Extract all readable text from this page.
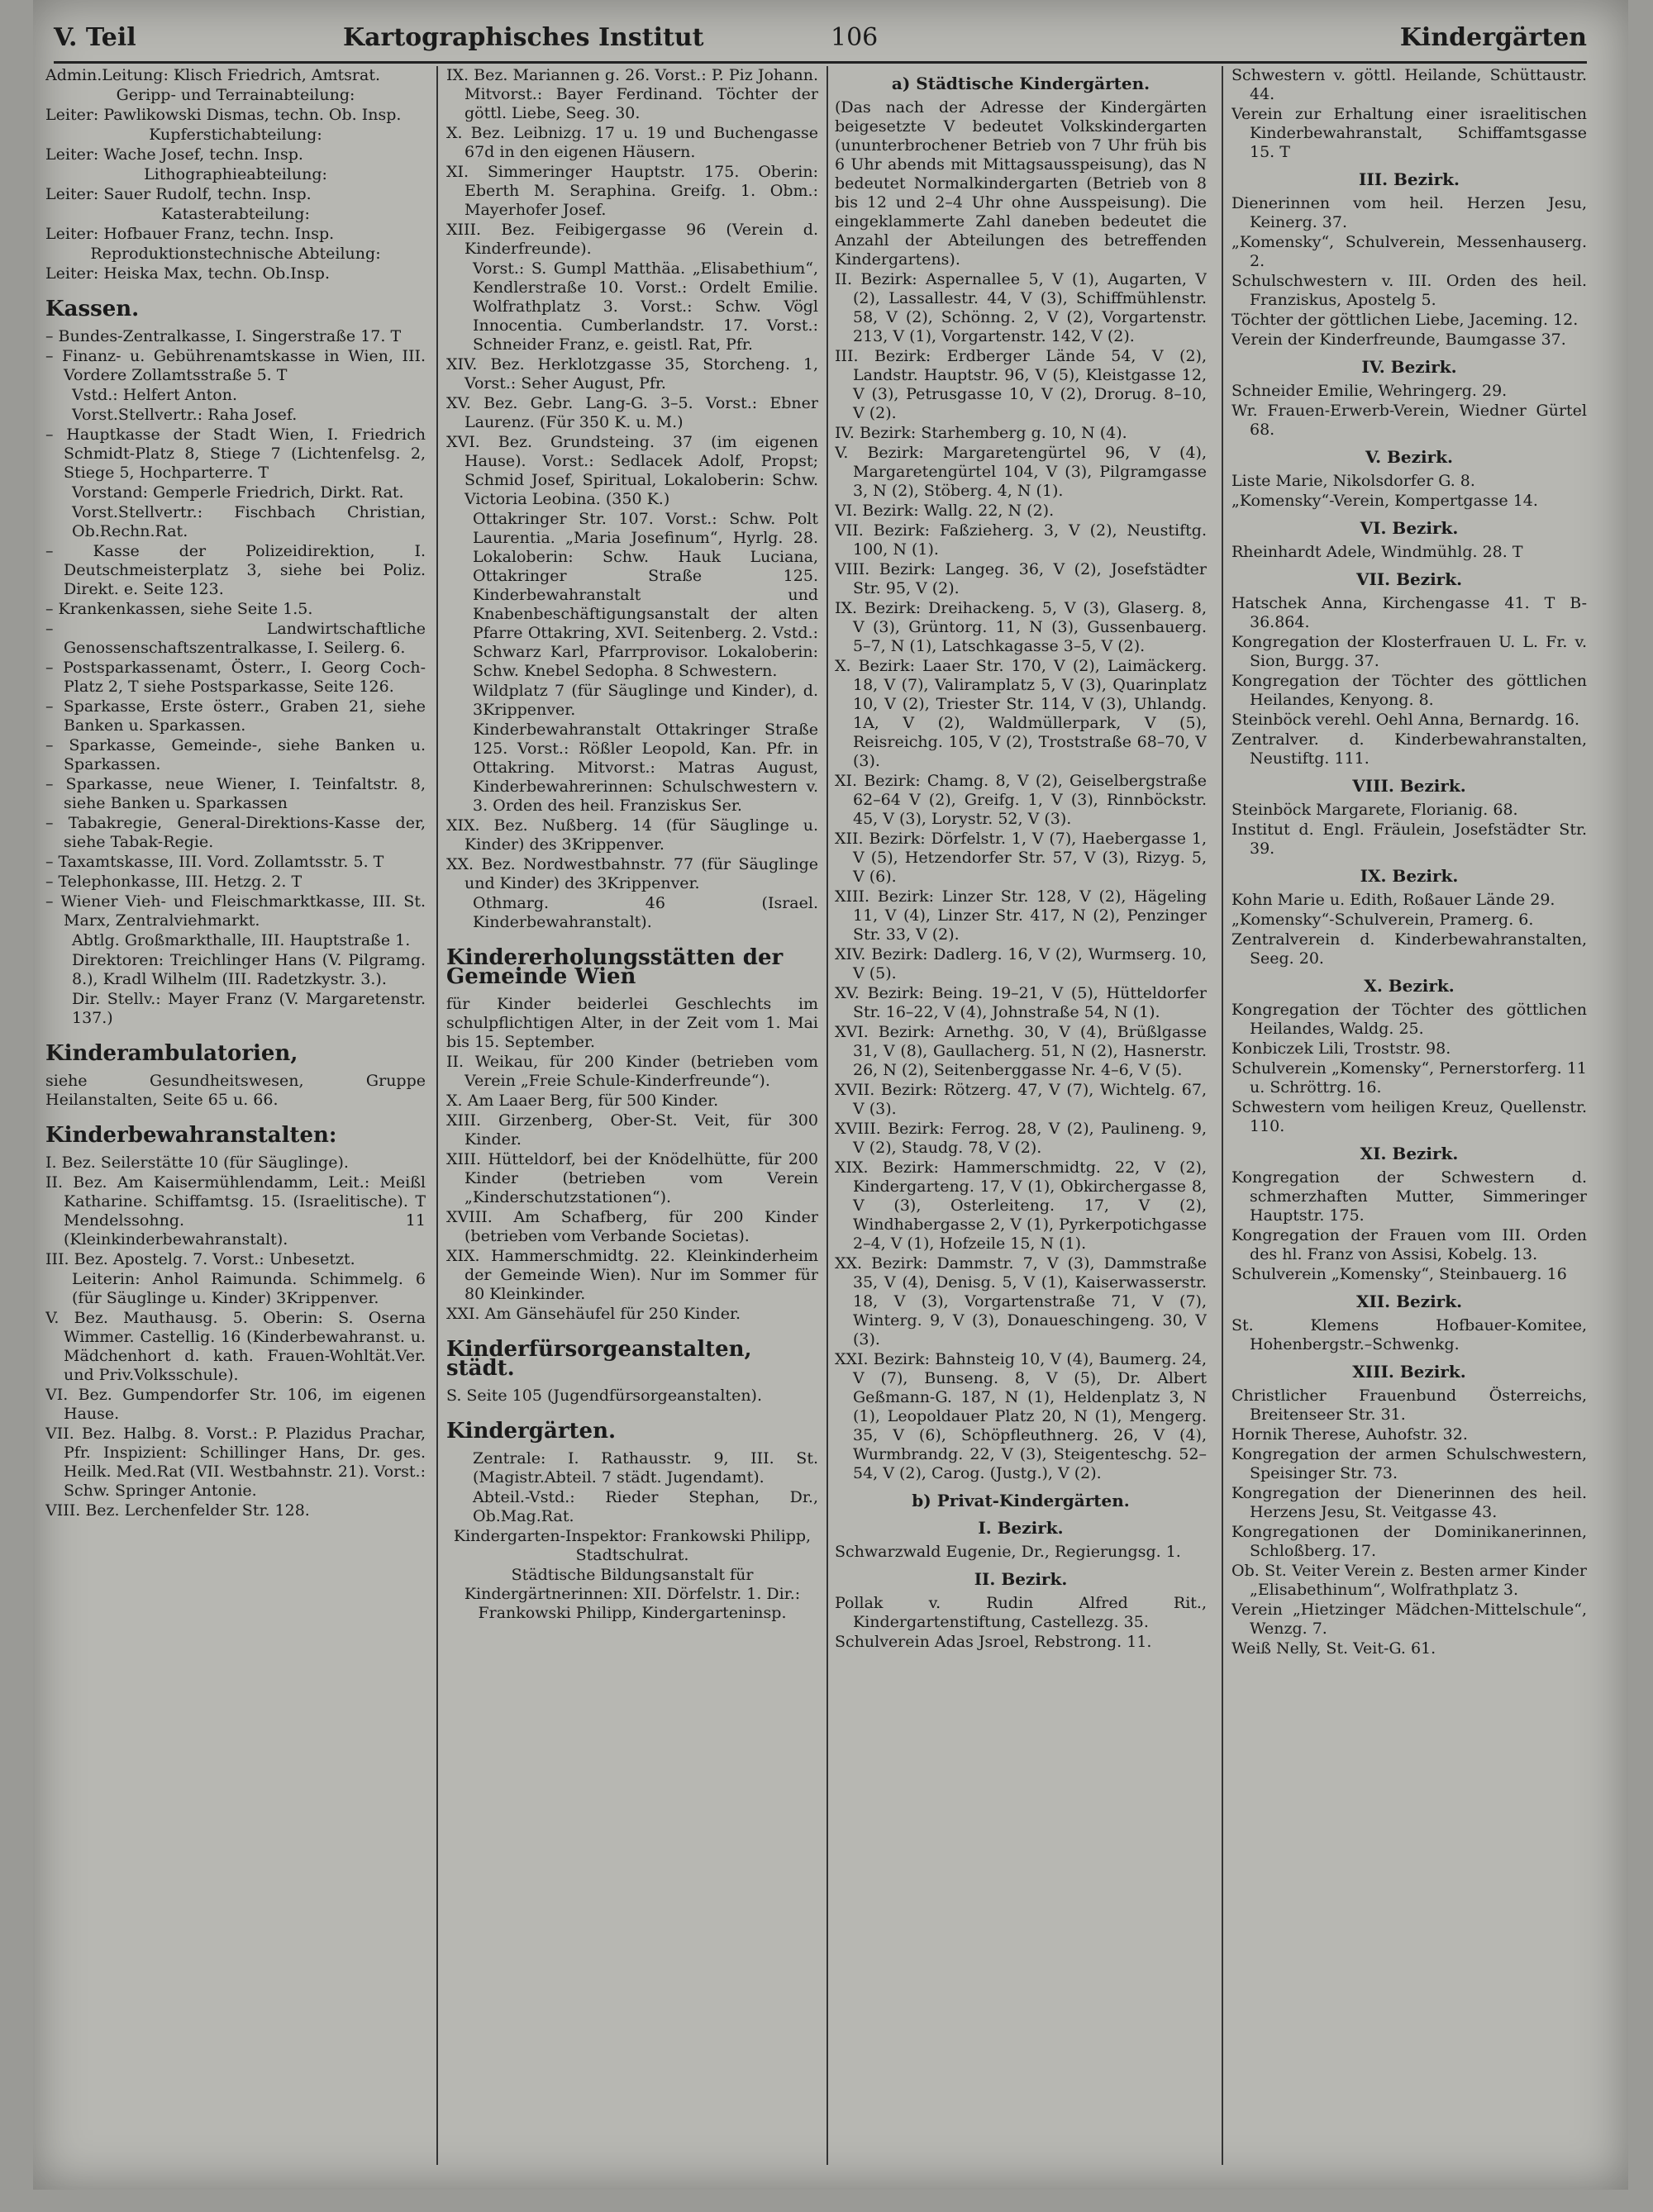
V. Teil	Kartographisches Institut	106	Kindergärten
Admin.Leitung: Klisch Friedrich, Amtsrat.
Geripp- und Terrainabteilung:
Leiter: Pawlikowski Dismas, techn. Ob. Insp.
Kupferstichabteilung:
Leiter: Wache Josef, techn. Insp.
Lithographieabteilung:
Leiter: Sauer Rudolf, techn. Insp.
Katasterabteilung:
Leiter: Hofbauer Franz, techn. Insp.
Reproduktionstechnische Abteilung:
Leiter: Heiska Max, techn. Ob.Insp.
Kassen.
– Bundes-Zentralkasse, I. Singerstraße 17. T
– Finanz- u. Gebührenamtskasse in Wien, III. Vordere Zollamtsstraße 5. T
Vstd.: Helfert Anton.
Vorst.Stellvertr.: Raha Josef.
– Hauptkasse der Stadt Wien, I. Friedrich Schmidt-Platz 8, Stiege 7 (Lichtenfelsg. 2, Stiege 5, Hochparterre. T
Vorstand: Gemperle Friedrich, Dirkt. Rat.
Vorst.Stellvertr.: Fischbach Christian, Ob.Rechn.Rat.
– Kasse der Polizeidirektion, I. Deutschmeisterplatz 3, siehe bei Poliz. Direkt. e. Seite 123.
– Krankenkassen, siehe Seite 1.5.
– Landwirtschaftliche Genossenschaftszentralkasse, I. Seilerg. 6.
– Postsparkassenamt, Österr., I. Georg Coch-Platz 2, T siehe Postsparkasse, Seite 126.
– Sparkasse, Erste österr., Graben 21, siehe Banken u. Sparkassen.
– Sparkasse, Gemeinde-, siehe Banken u. Sparkassen.
– Sparkasse, neue Wiener, I. Teinfaltstr. 8, siehe Banken u. Sparkassen
– Tabakregie, General-Direktions-Kasse der, siehe Tabak-Regie.
– Taxamtskasse, III. Vord. Zollamtsstr. 5. T
– Telephonkasse, III. Hetzg. 2. T
– Wiener Vieh- und Fleischmarktkasse, III. St. Marx, Zentralviehmarkt.
Abtlg. Großmarkthalle, III. Hauptstraße 1.
Direktoren: Treichlinger Hans (V. Pilgramg. 8.), Kradl Wilhelm (III. Radetzkystr. 3.).
Dir. Stellv.: Mayer Franz (V. Margaretenstr. 137.)
Kinderambulatorien,
siehe Gesundheitswesen, Gruppe Heilanstalten, Seite 65 u. 66.
Kinderbewahranstalten:
I. Bez. Seilerstätte 10 (für Säuglinge).
II. Bez. Am Kaisermühlendamm, Leit.: Meißl Katharine. Schiffamtsg. 15. (Israelitische). T Mendelssohng. 11 (Kleinkinderbewahranstalt).
III. Bez. Apostelg. 7. Vorst.: Unbesetzt.
Leiterin: Anhol Raimunda. Schimmelg. 6 (für Säuglinge u. Kinder) 3Krippenver.
V. Bez. Mauthausg. 5. Oberin: S. Oserna Wimmer. Castellig. 16 (Kinderbewahranst. u. Mädchenhort d. kath. Frauen-Wohltät.Ver. und Priv.Volksschule).
VI. Bez. Gumpendorfer Str. 106, im eigenen Hause.
VII. Bez. Halbg. 8. Vorst.: P. Plazidus Prachar, Pfr. Inspizient: Schillinger Hans, Dr. ges. Heilk. Med.Rat (VII. Westbahnstr. 21). Vorst.: Schw. Springer Antonie.
VIII. Bez. Lerchenfelder Str. 128.
IX. Bez. Mariannen g. 26. Vorst.: P. Piz Johann. Mitvorst.: Bayer Ferdinand. Töchter der göttl. Liebe, Seeg. 30.
X. Bez. Leibnizg. 17 u. 19 und Buchengasse 67d in den eigenen Häusern.
XI. Simmeringer Hauptstr. 175. Oberin: Eberth M. Seraphina. Greifg. 1. Obm.: Mayerhofer Josef.
XIII. Bez. Feibigergasse 96 (Verein d. Kinderfreunde).
Vorst.: S. Gumpl Matthäa. „Elisabethium“, Kendlerstraße 10. Vorst.: Ordelt Emilie. Wolfrathplatz 3. Vorst.: Schw. Vögl Innocentia. Cumberlandstr. 17. Vorst.: Schneider Franz, e. geistl. Rat, Pfr.
XIV. Bez. Herklotzgasse 35, Storcheng. 1, Vorst.: Seher August, Pfr.
XV. Bez. Gebr. Lang-G. 3–5. Vorst.: Ebner Laurenz. (Für 350 K. u. M.)
XVI. Bez. Grundsteing. 37 (im eigenen Hause). Vorst.: Sedlacek Adolf, Propst; Schmid Josef, Spiritual, Lokaloberin: Schw. Victoria Leobina. (350 K.)
Ottakringer Str. 107. Vorst.: Schw. Polt Laurentia. „Maria Josefinum“, Hyrlg. 28. Lokaloberin: Schw. Hauk Luciana, Ottakringer Straße 125. Kinderbewahranstalt und Knabenbeschäftigungsanstalt der alten Pfarre Ottakring, XVI. Seitenberg. 2. Vstd.: Schwarz Karl, Pfarrprovisor. Lokaloberin: Schw. Knebel Sedopha. 8 Schwestern.
Wildplatz 7 (für Säuglinge und Kinder), d. 3Krippenver.
Kinderbewahranstalt Ottakringer Straße 125. Vorst.: Rößler Leopold, Kan. Pfr. in Ottakring. Mitvorst.: Matras August, Kinderbewahrerinnen: Schulschwestern v. 3. Orden des heil. Franziskus Ser.
XIX. Bez. Nußberg. 14 (für Säuglinge u. Kinder) des 3Krippenver.
XX. Bez. Nordwestbahnstr. 77 (für Säuglinge und Kinder) des 3Krippenver.
Othmarg. 46 (Israel. Kinderbewahranstalt).
Kindererholungsstätten der Gemeinde Wien
für Kinder beiderlei Geschlechts im schulpflichtigen Alter, in der Zeit vom 1. Mai bis 15. September.
II. Weikau, für 200 Kinder (betrieben vom Verein „Freie Schule-Kinderfreunde“).
X. Am Laaer Berg, für 500 Kinder.
XIII. Girzenberg, Ober-St. Veit, für 300 Kinder.
XIII. Hütteldorf, bei der Knödelhütte, für 200 Kinder (betrieben vom Verein „Kinderschutzstationen“).
XVIII. Am Schafberg, für 200 Kinder (betrieben vom Verbande Societas).
XIX. Hammerschmidtg. 22. Kleinkinderheim der Gemeinde Wien). Nur im Sommer für 80 Kleinkinder.
XXI. Am Gänsehäufel für 250 Kinder.
Kinderfürsorgeanstalten, städt.
S. Seite 105 (Jugendfürsorgeanstalten).
Kindergärten.
Zentrale: I. Rathausstr. 9, III. St. (Magistr.Abteil. 7 städt. Jugendamt).
Abteil.-Vstd.: Rieder Stephan, Dr., Ob.Mag.Rat.
Kindergarten-Inspektor: Frankowski Philipp, Stadtschulrat.
Städtische Bildungsanstalt für Kindergärtnerinnen: XII. Dörfelstr. 1. Dir.: Frankowski Philipp, Kindergarteninsp.
a) Städtische Kindergärten.
(Das nach der Adresse der Kindergärten beigesetzte V bedeutet Volkskindergarten (ununterbrochener Betrieb von 7 Uhr früh bis 6 Uhr abends mit Mittagsausspeisung), das N bedeutet Normalkindergarten (Betrieb von 8 bis 12 und 2–4 Uhr ohne Ausspeisung). Die eingeklammerte Zahl daneben bedeutet die Anzahl der Abteilungen des betreffenden Kindergartens).
II. Bezirk: Aspernallee 5, V (1), Augarten, V (2), Lassallestr. 44, V (3), Schiffmühlenstr. 58, V (2), Schönng. 2, V (2), Vorgartenstr. 213, V (1), Vorgartenstr. 142, V (2).
III. Bezirk: Erdberger Lände 54, V (2), Landstr. Hauptstr. 96, V (5), Kleistgasse 12, V (3), Petrusgasse 10, V (2), Drorug. 8–10, V (2).
IV. Bezirk: Starhemberg g. 10, N (4).
V. Bezirk: Margaretengürtel 96, V (4), Margaretengürtel 104, V (3), Pilgramgasse 3, N (2), Stöberg. 4, N (1).
VI. Bezirk: Wallg. 22, N (2).
VII. Bezirk: Faßzieherg. 3, V (2), Neustiftg. 100, N (1).
VIII. Bezirk: Langeg. 36, V (2), Josefstädter Str. 95, V (2).
IX. Bezirk: Dreihackeng. 5, V (3), Glaserg. 8, V (3), Grüntorg. 11, N (3), Gussenbauerg. 5–7, N (1), Latschkagasse 3–5, V (2).
X. Bezirk: Laaer Str. 170, V (2), Laimäckerg. 18, V (7), Valiramplatz 5, V (3), Quarinplatz 10, V (2), Triester Str. 114, V (3), Uhlandg. 1A, V (2), Waldmüllerpark, V (5), Reisreichg. 105, V (2), Troststraße 68–70, V (3).
XI. Bezirk: Chamg. 8, V (2), Geiselbergstraße 62–64 V (2), Greifg. 1, V (3), Rinnböckstr. 45, V (3), Lorystr. 52, V (3).
XII. Bezirk: Dörfelstr. 1, V (7), Haebergasse 1, V (5), Hetzendorfer Str. 57, V (3), Rizyg. 5, V (6).
XIII. Bezirk: Linzer Str. 128, V (2), Hägeling 11, V (4), Linzer Str. 417, N (2), Penzinger Str. 33, V (2).
XIV. Bezirk: Dadlerg. 16, V (2), Wurmserg. 10, V (5).
XV. Bezirk: Being. 19–21, V (5), Hütteldorfer Str. 16–22, V (4), Johnstraße 54, N (1).
XVI. Bezirk: Arnethg. 30, V (4), Brüßlgasse 31, V (8), Gaullacherg. 51, N (2), Hasnerstr. 26, N (2), Seitenberggasse Nr. 4–6, V (5).
XVII. Bezirk: Rötzerg. 47, V (7), Wichtelg. 67, V (3).
XVIII. Bezirk: Ferrog. 28, V (2), Paulineng. 9, V (2), Staudg. 78, V (2).
XIX. Bezirk: Hammerschmidtg. 22, V (2), Kindergarteng. 17, V (1), Obkirchergasse 8, V (3), Osterleiteng. 17, V (2), Windhabergasse 2, V (1), Pyrkerpotichgasse 2–4, V (1), Hofzeile 15, N (1).
XX. Bezirk: Dammstr. 7, V (3), Dammstraße 35, V (4), Denisg. 5, V (1), Kaiserwasserstr. 18, V (3), Vorgartenstraße 71, V (7), Winterg. 9, V (3), Donaueschingeng. 30, V (3).
XXI. Bezirk: Bahnsteig 10, V (4), Baumerg. 24, V (7), Bunseng. 8, V (5), Dr. Albert Geßmann-G. 187, N (1), Heldenplatz 3, N (1), Leopoldauer Platz 20, N (1), Mengerg. 35, V (6), Schöpfleuthnerg. 26, V (4), Wurmbrandg. 22, V (3), Steigenteschg. 52–54, V (2), Carog. (Justg.), V (2).
b) Privat-Kindergärten.
I. Bezirk.
Schwarzwald Eugenie, Dr., Regierungsg. 1.
II. Bezirk.
Pollak v. Rudin Alfred Rit., Kindergartenstiftung, Castellezg. 35.
Schulverein Adas Jsroel, Rebstrong. 11.
Schwestern v. göttl. Heilande, Schüttaustr. 44.
Verein zur Erhaltung einer israelitischen Kinderbewahranstalt, Schiffamtsgasse 15. T
III. Bezirk.
Dienerinnen vom heil. Herzen Jesu, Keinerg. 37.
„Komensky“, Schulverein, Messenhauserg. 2.
Schulschwestern v. III. Orden des heil. Franziskus, Apostelg 5.
Töchter der göttlichen Liebe, Jaceming. 12.
Verein der Kinderfreunde, Baumgasse 37.
IV. Bezirk.
Schneider Emilie, Wehringerg. 29.
Wr. Frauen-Erwerb-Verein, Wiedner Gürtel 68.
V. Bezirk.
Liste Marie, Nikolsdorfer G. 8.
„Komensky“-Verein, Kompertgasse 14.
VI. Bezirk.
Rheinhardt Adele, Windmühlg. 28. T
VII. Bezirk.
Hatschek Anna, Kirchengasse 41. T B-36.864.
Kongregation der Klosterfrauen U. L. Fr. v. Sion, Burgg. 37.
Kongregation der Töchter des göttlichen Heilandes, Kenyong. 8.
Steinböck verehl. Oehl Anna, Bernardg. 16.
Zentralver. d. Kinderbewahranstalten, Neustiftg. 111.
VIII. Bezirk.
Steinböck Margarete, Florianig. 68.
Institut d. Engl. Fräulein, Josefstädter Str. 39.
IX. Bezirk.
Kohn Marie u. Edith, Roßauer Lände 29.
„Komensky“-Schulverein, Pramerg. 6.
Zentralverein d. Kinderbewahranstalten, Seeg. 20.
X. Bezirk.
Kongregation der Töchter des göttlichen Heilandes, Waldg. 25.
Konbiczek Lili, Troststr. 98.
Schulverein „Komensky“, Pernerstorferg. 11 u. Schröttrg. 16.
Schwestern vom heiligen Kreuz, Quellenstr. 110.
XI. Bezirk.
Kongregation der Schwestern d. schmerzhaften Mutter, Simmeringer Hauptstr. 175.
Kongregation der Frauen vom III. Orden des hl. Franz von Assisi, Kobelg. 13.
Schulverein „Komensky“, Steinbauerg. 16
XII. Bezirk.
St. Klemens Hofbauer-Komitee, Hohenbergstr.–Schwenkg.
XIII. Bezirk.
Christlicher Frauenbund Österreichs, Breitenseer Str. 31.
Hornik Therese, Auhofstr. 32.
Kongregation der armen Schulschwestern, Speisinger Str. 73.
Kongregation der Dienerinnen des heil. Herzens Jesu, St. Veitgasse 43.
Kongregationen der Dominikanerinnen, Schloßberg. 17.
Ob. St. Veiter Verein z. Besten armer Kinder „Elisabethinum“, Wolfrathplatz 3.
Verein „Hietzinger Mädchen-Mittelschule“, Wenzg. 7.
Weiß Nelly, St. Veit-G. 61.
